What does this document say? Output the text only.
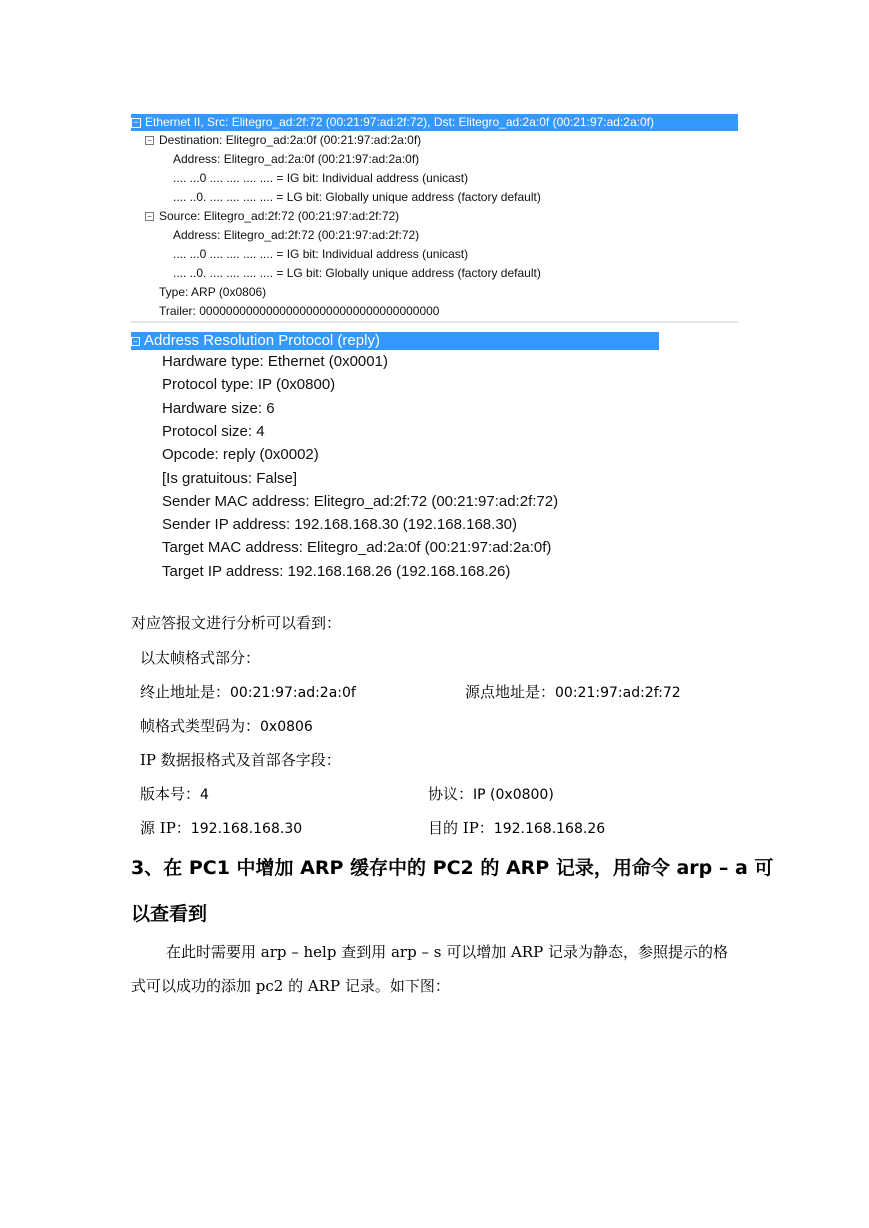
− Ethernet II, Src: Elitegro_ad:2f:72 (00:21:97:ad:2f:72), Dst: Elitegro_ad:2a:0f (00:21:97:ad:2a:0f)
− Destination: Elitegro_ad:2a:0f (00:21:97:ad:2a:0f)
Address: Elitegro_ad:2a:0f (00:21:97:ad:2a:0f)
.... ...0 .... .... .... .... = IG bit: Individual address (unicast)
.... ..0. .... .... .... .... = LG bit: Globally unique address (factory default)
− Source: Elitegro_ad:2f:72 (00:21:97:ad:2f:72)
Address: Elitegro_ad:2f:72 (00:21:97:ad:2f:72)
.... ...0 .... .... .... .... = IG bit: Individual address (unicast)
.... ..0. .... .... .... .... = LG bit: Globally unique address (factory default)
Type: ARP (0x0806)
Trailer: 000000000000000000000000000000000000
− Address Resolution Protocol (reply)
Hardware type: Ethernet (0x0001)
Protocol type: IP (0x0800)
Hardware size: 6
Protocol size: 4
Opcode: reply (0x0002)
[Is gratuitous: False]
Sender MAC address: Elitegro_ad:2f:72 (00:21:97:ad:2f:72)
Sender IP address: 192.168.168.30 (192.168.168.30)
Target MAC address: Elitegro_ad:2a:0f (00:21:97:ad:2a:0f)
Target IP address: 192.168.168.26 (192.168.168.26)
对应答报文进行分析可以看到：
以太帧格式部分：
终止地址是：00:21:97:ad:2a:0f	源点地址是：00:21:97:ad:2f:72
帧格式类型码为：0x0806
IP 数据报格式及首部各字段：
版本号：4	协议：IP (0x0800)
源 IP：192.168.168.30	目的 IP：192.168.168.26
3、在 PC1 中增加 ARP 缓存中的 PC2 的 ARP 记录，用命令 arp – a 可
以查看到
在此时需要用 arp – help 查到用 arp – s 可以增加 ARP 记录为静态，参照提示的格式可以成功的添加 pc2 的 ARP 记录。如下图：
